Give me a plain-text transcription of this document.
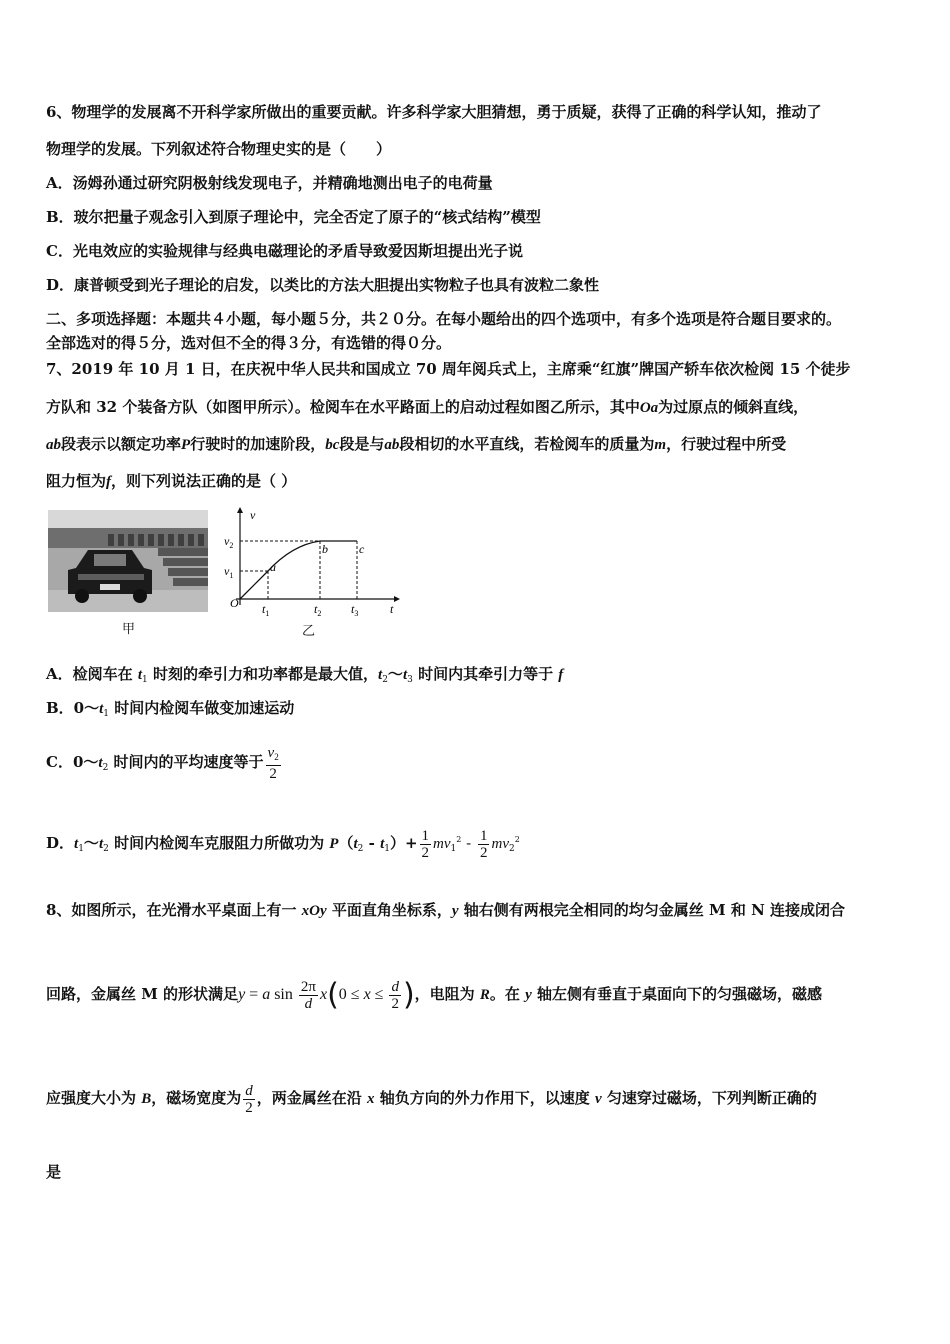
6、物理学的发展离不开科学家所做出的重要贡献。许多科学家大胆猜想，勇于质疑，获得了正确的科学认知，推动了
物理学的发展。下列叙述符合物理史实的是（　　）
A．汤姆孙通过研究阴极射线发现电子，并精确地测出电子的电荷量
B．玻尔把量子观念引入到原子理论中，完全否定了原子的“核式结构”模型
C．光电效应的实验规律与经典电磁理论的矛盾导致爱因斯坦提出光子说
D．康普顿受到光子理论的启发，以类比的方法大胆提出实物粒子也具有波粒二象性
二、多项选择题：本题共４小题，每小题５分，共２０分。在每小题给出的四个选项中，有多个选项是符合题目要求的。
全部选对的得５分，选对但不全的得３分，有选错的得０分。
7、2019 年 10 月 1 日，在庆祝中华人民共和国成立 70 周年阅兵式上，主席乘“红旗”牌国产轿车依次检阅 15 个徒步
方队和 32 个装备方队（如图甲所示）。检阅车在水平路面上的启动过程如图乙所示，其中Oa为过原点的倾斜直线，
ab段表示以额定功率P行驶时的加速阶段，bc段是与ab段相切的水平直线，若检阅车的质量为m，行驶过程中所受
阻力恒为f，则下列说法正确的是（ ）
甲
v
t
O
$v_2$
$v_1$
a
b	c
$t_1$	$t_2$ $t_3$
乙
A．检阅车在 $t_1$ 时刻的牵引力和功率都是最大值，$t_2\sim t_3$ 时间内其牵引力等于 f
B．$0\sim t_1$ 时间内检阅车做变加速运动
C．$0\sim t_2$ 时间内的平均速度等于 $\frac{v_2}{2}$
D．$t_1\sim t_2$ 时间内检阅车克服阻力所做功为 $P(t_2 - t_1)+ \frac{1}{2} mv_1^2 - \frac{1}{2} mv_2^2$
8、如图所示，在光滑水平桌面上有一 xOy 平面直角坐标系，y 轴右侧有两根完全相同的均匀金属丝 M 和 N 连接成闭合
回路，金属丝 M 的形状满足y = a $\sin \frac{2\pi}{d} x(0 \le x \le \frac{d}{2}$ )，电阻为 R。在 y 轴左侧有垂直于桌面向下的匀强磁场，磁感
应强度大小为 B，磁场宽度为 $\frac{d}{2}$ ，两金属丝在沿 x 轴负方向的外力作用下，以速度 v 匀速穿过磁场，下列判断正确的
是
